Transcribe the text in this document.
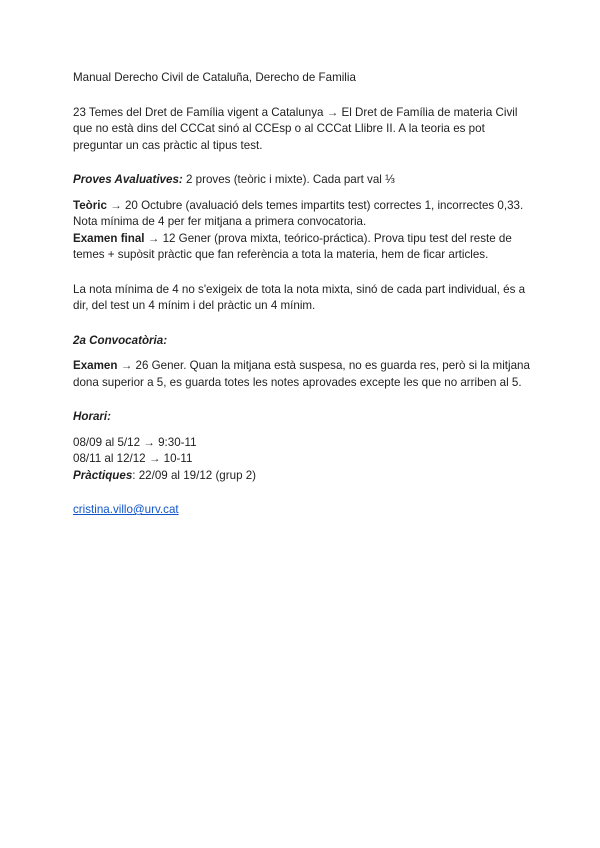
Manual Derecho Civil de Cataluña, Derecho de Familia

23 Temes del Dret de Família vigent a Catalunya → El Dret de Família de materia Civil que no està dins del CCCat sinó al CCEsp o al CCCat Llibre II. A la teoria es pot preguntar un cas pràctic al tipus test.

Proves Avaluatives: 2 proves (teòric i mixte). Cada part val ⅓

Teòric → 20 Octubre (avaluació dels temes impartits test) correctes 1, incorrectes 0,33. Nota mínima de 4 per fer mitjana a primera convocatoria.

Examen final → 12 Gener (prova mixta, teórico-práctica). Prova tipu test del reste de temes + supòsit pràctic que fan referència a tota la materia, hem de ficar articles.

La nota mínima de 4 no s'exigeix de tota la nota mixta, sinó de cada part individual, és a dir, del test un 4 mínim i del pràctic un 4 mínim.

2a Convocatòria:

Examen → 26 Gener. Quan la mitjana està suspesa, no es guarda res, però si la mitjana dona superior a 5, es guarda totes les notes aprovades excepte les que no arriben al 5.

Horari:

08/09 al 5/12 → 9:30-11

08/11 al 12/12 → 10-11

Pràctiques: 22/09 al 19/12 (grup 2)

cristina.villo@urv.cat
